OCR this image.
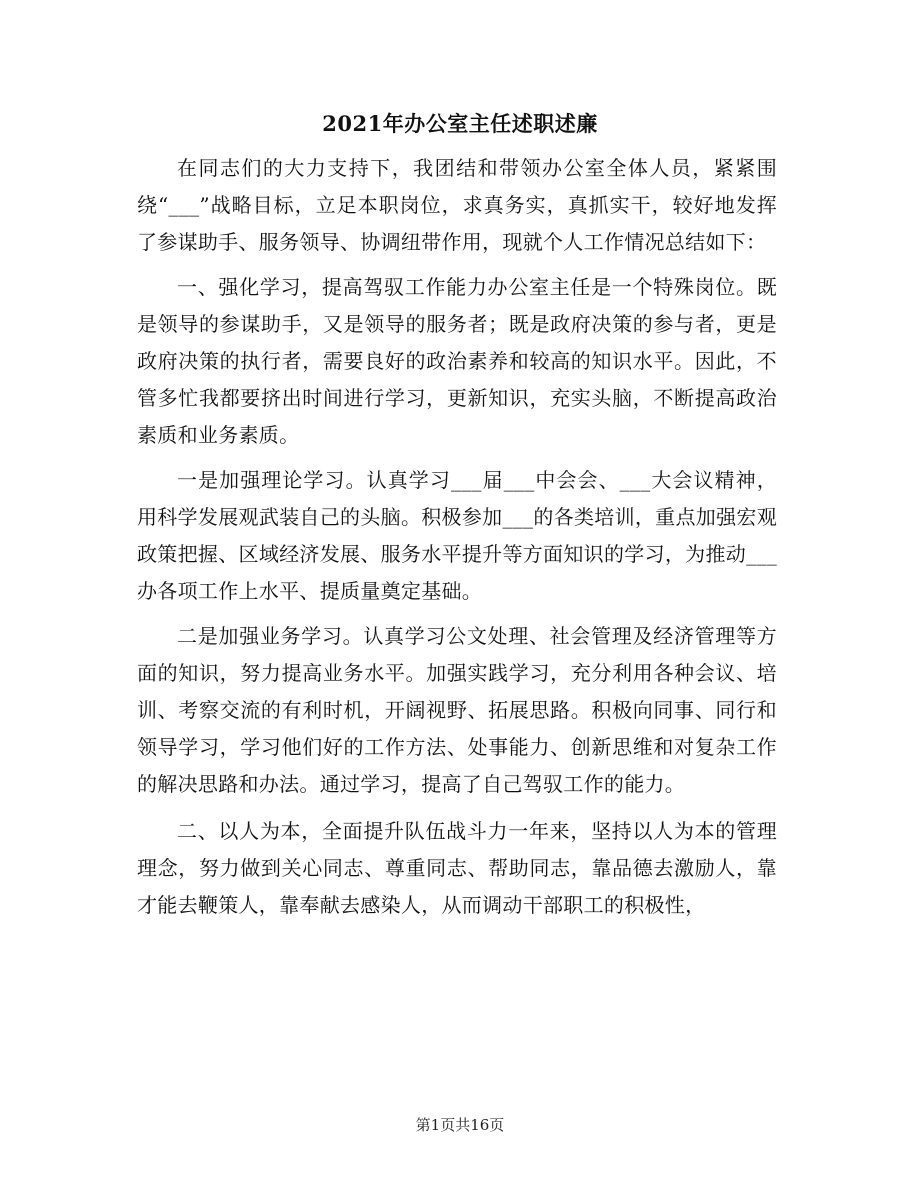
2021年办公室主任述职述廉

在同志们的大力支持下，我团结和带领办公室全体人员，紧紧围绕“___”战略目标，立足本职岗位，求真务实，真抓实干，较好地发挥了参谋助手、服务领导、协调纽带作用，现就个人工作情况总结如下：

一、强化学习，提高驾驭工作能力办公室主任是一个特殊岗位。既是领导的参谋助手，又是领导的服务者；既是政府决策的参与者，更是政府决策的执行者，需要良好的政治素养和较高的知识水平。因此，不管多忙我都要挤出时间进行学习，更新知识，充实头脑，不断提高政治素质和业务素质。

一是加强理论学习。认真学习___届___中会会、___大会议精神，用科学发展观武装自己的头脑。积极参加___的各类培训，重点加强宏观政策把握、区域经济发展、服务水平提升等方面知识的学习，为推动___办各项工作上水平、提质量奠定基础。

二是加强业务学习。认真学习公文处理、社会管理及经济管理等方面的知识，努力提高业务水平。加强实践学习，充分利用各种会议、培训、考察交流的有利时机，开阔视野、拓展思路。积极向同事、同行和领导学习，学习他们好的工作方法、处事能力、创新思维和对复杂工作的解决思路和办法。通过学习，提高了自己驾驭工作的能力。

二、以人为本，全面提升队伍战斗力一年来，坚持以人为本的管理理念，努力做到关心同志、尊重同志、帮助同志，靠品德去激励人，靠才能去鞭策人，靠奉献去感染人，从而调动干部职工的积极性，

第1页共16页
